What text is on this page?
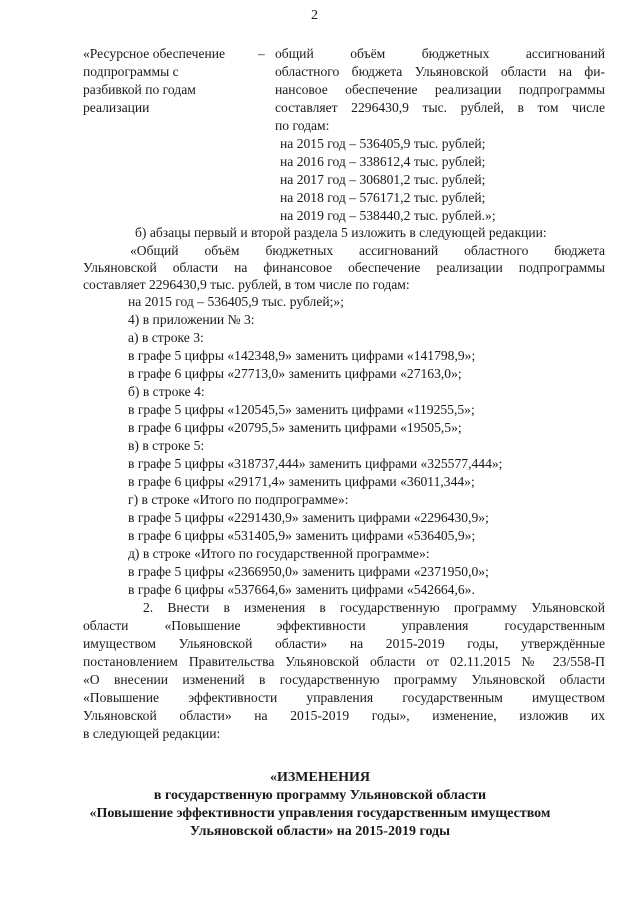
2
«Ресурсное обеспечение
подпрограммы с
разбивкой по годам
реализации
– общий объём бюджетных ассигнований
областного бюджета Ульяновской области на фи-
нансовое обеспечение реализации подпрограммы
составляет 2296430,9 тыс. рублей, в том числе
по годам:
на 2015 год – 536405,9 тыс. рублей;
на 2016 год – 338612,4 тыс. рублей;
на 2017 год – 306801,2 тыс. рублей;
на 2018 год – 576171,2 тыс. рублей;
на 2019 год – 538440,2 тыс. рублей.»;
б) абзацы первый и второй раздела 5 изложить в следующей редакции:
«Общий объём бюджетных ассигнований областного бюджета
Ульяновской области на финансовое обеспечение реализации подпрограммы
составляет 2296430,9 тыс. рублей, в том числе по годам:
на 2015 год – 536405,9 тыс. рублей;»;
4) в приложении № 3:
а) в строке 3:
в графе 5 цифры «142348,9» заменить цифрами «141798,9»;
в графе 6 цифры «27713,0» заменить цифрами «27163,0»;
б) в строке 4:
в графе 5 цифры «120545,5» заменить цифрами «119255,5»;
в графе 6 цифры «20795,5» заменить цифрами «19505,5»;
в) в строке 5:
в графе 5 цифры «318737,444» заменить цифрами «325577,444»;
в графе 6 цифры «29171,4» заменить цифрами «36011,344»;
г) в строке «Итого по подпрограмме»:
в графе 5 цифры «2291430,9» заменить цифрами «2296430,9»;
в графе 6 цифры «531405,9» заменить цифрами «536405,9»;
д) в строке «Итого по государственной программе»:
в графе 5 цифры «2366950,0» заменить цифрами «2371950,0»;
в графе 6 цифры «537664,6» заменить цифрами «542664,6».
2. Внести в изменения в государственную программу Ульяновской
области «Повышение эффективности управления государственным
имуществом Ульяновской области» на 2015-2019 годы, утверждённые
постановлением Правительства Ульяновской области от 02.11.2015 № 23/558-П
«О внесении изменений в государственную программу Ульяновской области
«Повышение эффективности управления государственным имуществом
Ульяновской области» на 2015-2019 годы», изменение, изложив их
в следующей редакции:
«ИЗМЕНЕНИЯ
в государственную программу Ульяновской области
«Повышение эффективности управления государственным имуществом
Ульяновской области» на 2015-2019 годы
